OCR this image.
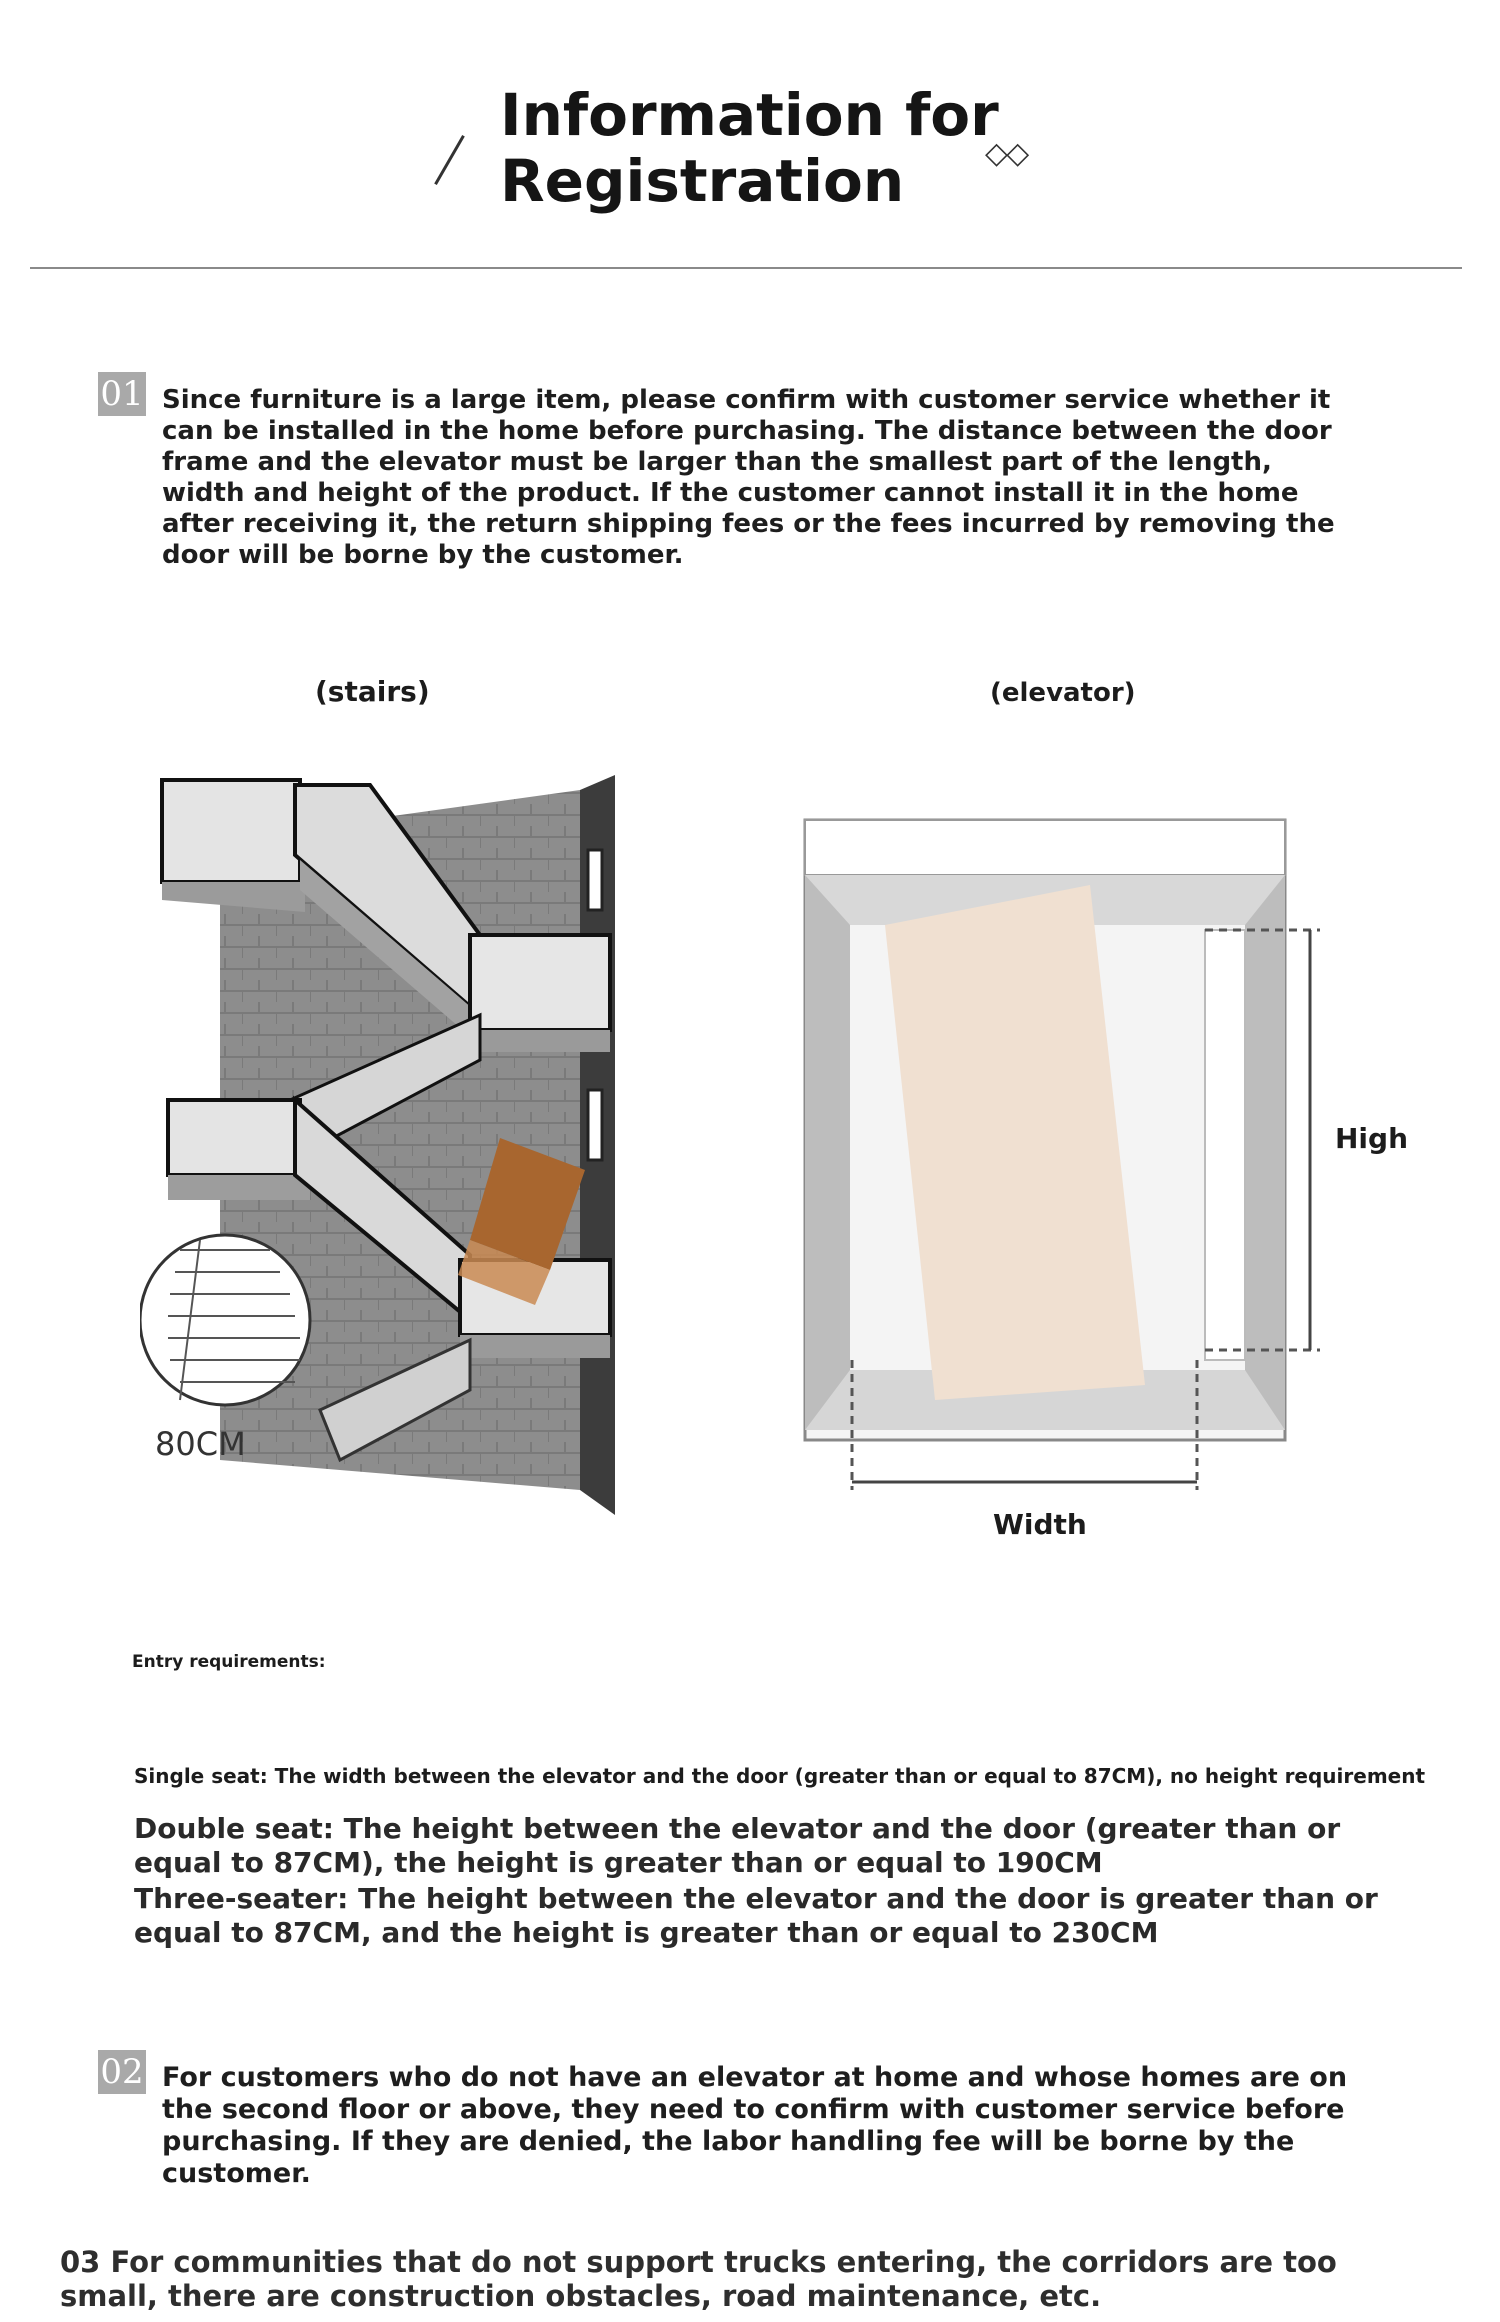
Information for
Registration	◇◇
01 Since furniture is a large item, please confirm with customer service whether it can be installed in the home before purchasing. The distance between the door frame and the elevator must be larger than the smallest part of the length, width and height of the product. If the customer cannot install it in the home after receiving it, the return shipping fees or the fees incurred by removing the door will be borne by the customer.
(stairs)	(elevator)
80CM
High
Width
Entry requirements:
Single seat: The width between the elevator and the door (greater than or equal to 87CM), no height requirement
Double seat: The height between the elevator and the door (greater than or equal to 87CM), the height is greater than or equal to 190CM
Three-seater: The height between the elevator and the door is greater than or equal to 87CM, and the height is greater than or equal to 230CM
02 For customers who do not have an elevator at home and whose homes are on the second floor or above, they need to confirm with customer service before purchasing. If they are denied, the labor handling fee will be borne by the customer.
03 For communities that do not support trucks entering, the corridors are too small, there are construction obstacles, road maintenance, etc.
